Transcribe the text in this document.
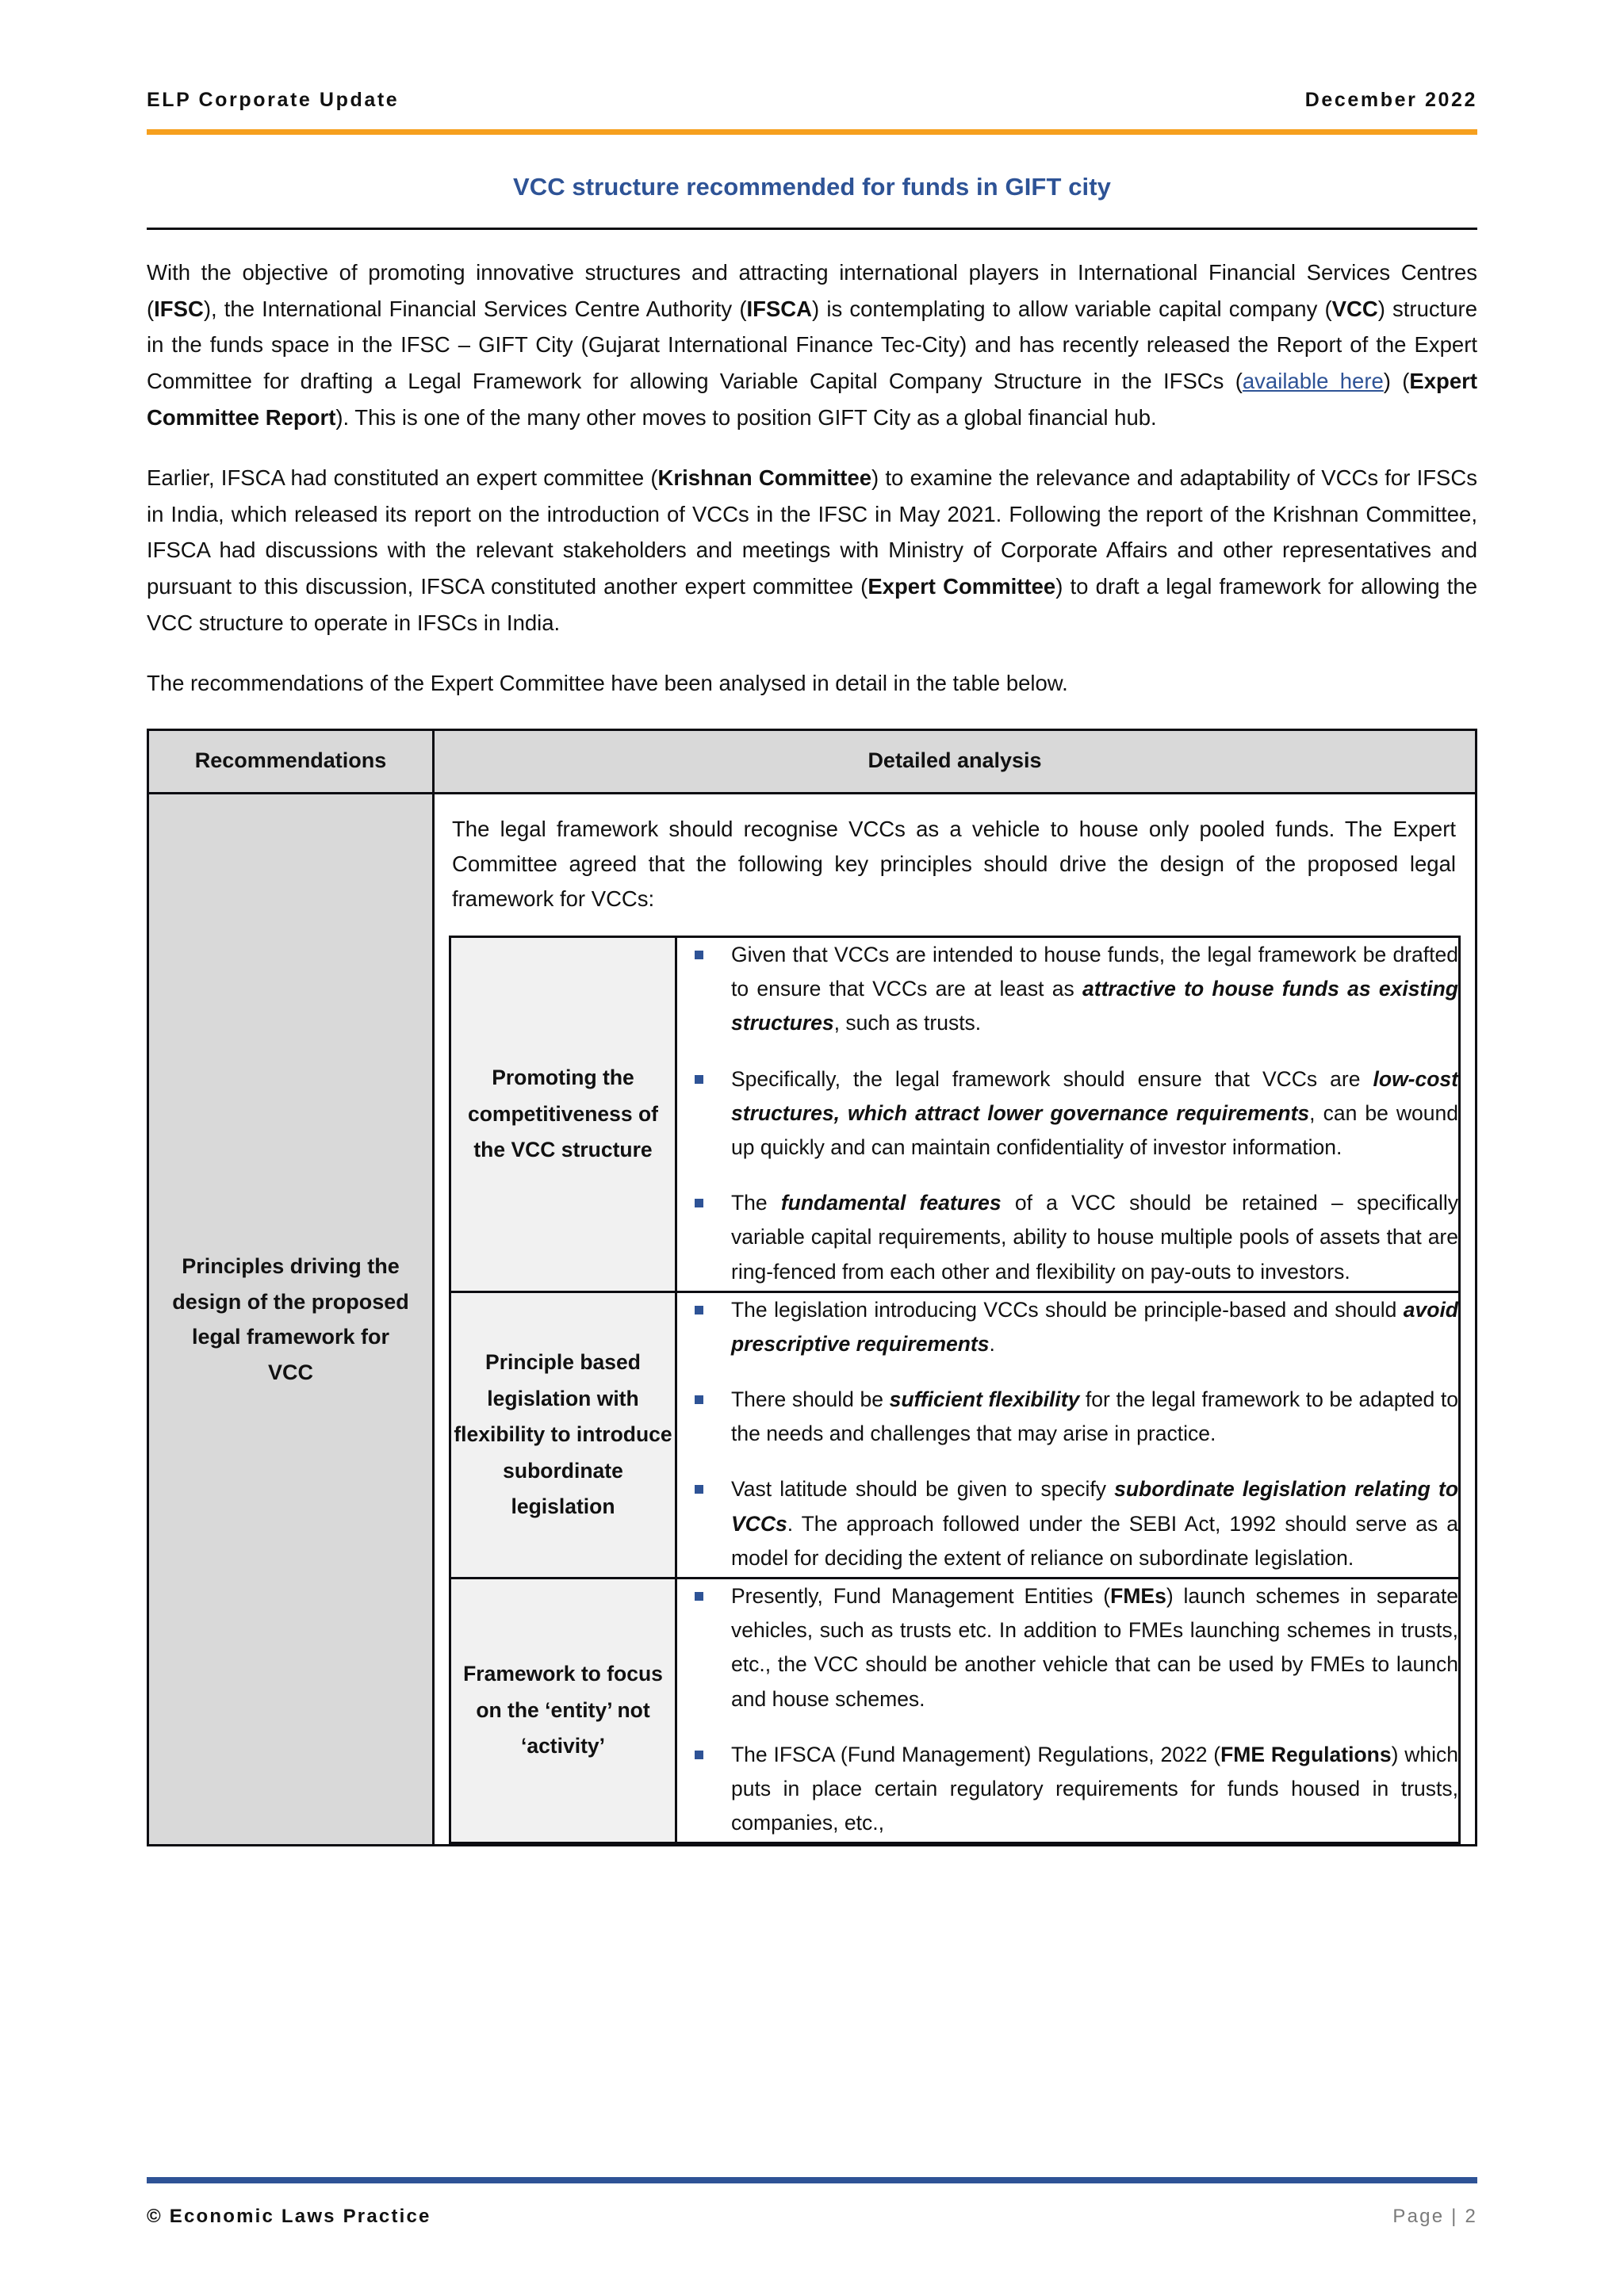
ELP Corporate Update	December 2022
VCC structure recommended for funds in GIFT city

With the objective of promoting innovative structures and attracting international players in International Financial Services Centres (IFSC), the International Financial Services Centre Authority (IFSCA) is contemplating to allow variable capital company (VCC) structure in the funds space in the IFSC – GIFT City (Gujarat International Finance Tec-City) and has recently released the Report of the Expert Committee for drafting a Legal Framework for allowing Variable Capital Company Structure in the IFSCs (available here) (Expert Committee Report). This is one of the many other moves to position GIFT City as a global financial hub.

Earlier, IFSCA had constituted an expert committee (Krishnan Committee) to examine the relevance and adaptability of VCCs for IFSCs in India, which released its report on the introduction of VCCs in the IFSC in May 2021. Following the report of the Krishnan Committee, IFSCA had discussions with the relevant stakeholders and meetings with Ministry of Corporate Affairs and other representatives and pursuant to this discussion, IFSCA constituted another expert committee (Expert Committee) to draft a legal framework for allowing the VCC structure to operate in IFSCs in India.

The recommendations of the Expert Committee have been analysed in detail in the table below.

Recommendations	Detailed analysis
Principles driving the design of the proposed legal framework for VCC	
The legal framework should recognise VCCs as a vehicle to house only pooled funds. The Expert Committee agreed that the following key principles should drive the design of the proposed legal framework for VCCs:
Promoting the competitiveness of the VCC structure	
Given that VCCs are intended to house funds, the legal framework be drafted to ensure that VCCs are at least as attractive to house funds as existing structures, such as trusts.
Specifically, the legal framework should ensure that VCCs are low-cost structures, which attract lower governance requirements, can be wound up quickly and can maintain confidentiality of investor information.
The fundamental features of a VCC should be retained – specifically variable capital requirements, ability to house multiple pools of assets that are ring-fenced from each other and flexibility on pay-outs to investors.

Principle based legislation with flexibility to introduce subordinate legislation	
The legislation introducing VCCs should be principle-based and should avoid prescriptive requirements.
There should be sufficient flexibility for the legal framework to be adapted to the needs and challenges that may arise in practice.
Vast latitude should be given to specify subordinate legislation relating to VCCs. The approach followed under the SEBI Act, 1992 should serve as a model for deciding the extent of reliance on subordinate legislation.

Framework to focus on the ‘entity’ not ‘activity’	
Presently, Fund Management Entities (FMEs) launch schemes in separate vehicles, such as trusts etc. In addition to FMEs launching schemes in trusts, etc., the VCC should be another vehicle that can be used by FMEs to launch and house schemes.
The IFSCA (Fund Management) Regulations, 2022 (FME Regulations) which puts in place certain regulatory requirements for funds housed in trusts, companies, etc.,
© Economic Laws Practice	Page | 2
